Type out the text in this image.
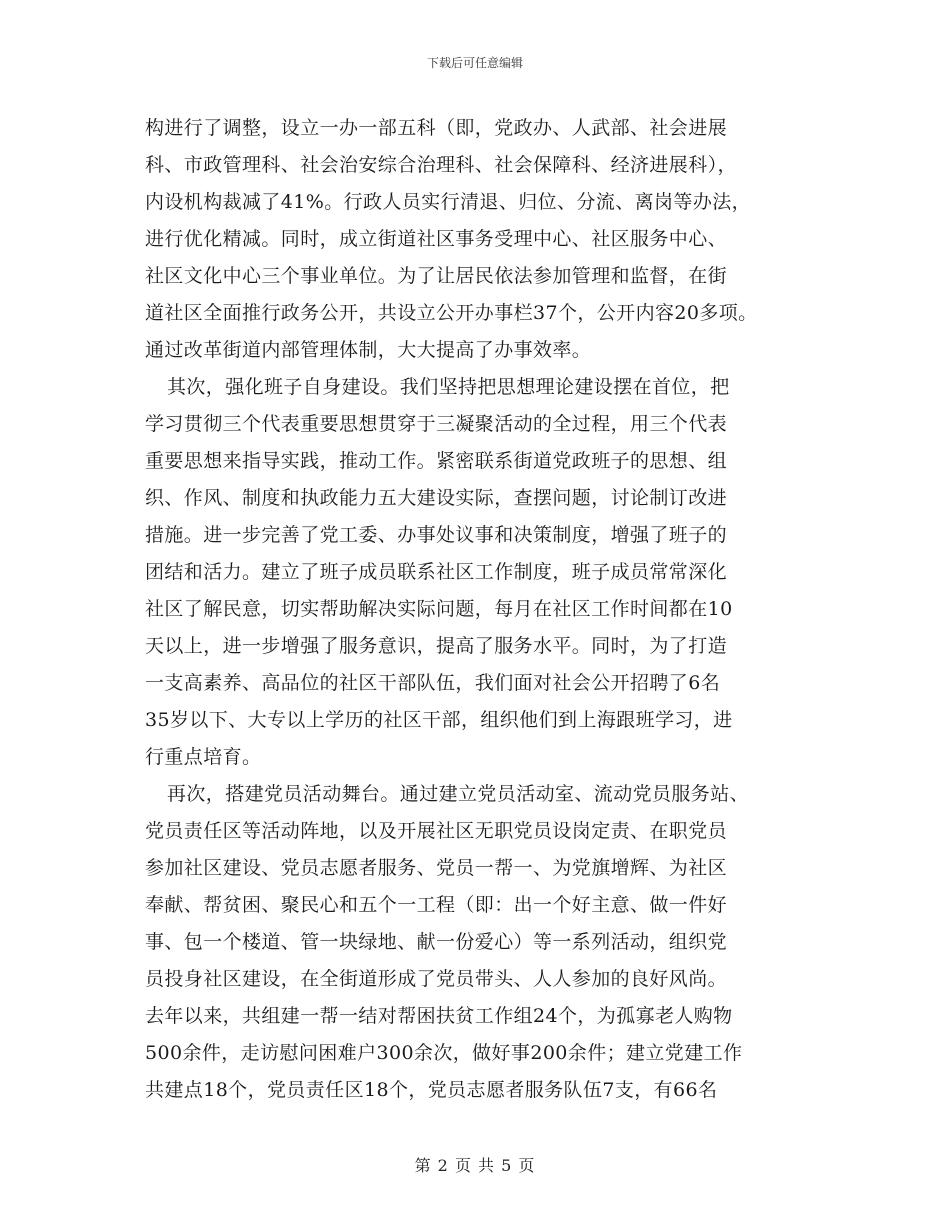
下载后可任意编辑
构进行了调整，设立一办一部五科（即，党政办、人武部、社会进展
科、市政管理科、社会治安综合治理科、社会保障科、经济进展科），
内设机构裁减了41%。行政人员实行清退、归位、分流、离岗等办法，
进行优化精减。同时，成立街道社区事务受理中心、社区服务中心、
社区文化中心三个事业单位。为了让居民依法参加管理和监督，在街
道社区全面推行政务公开，共设立公开办事栏37个，公开内容20多项。
通过改革街道内部管理体制，大大提高了办事效率。
其次，强化班子自身建设。我们坚持把思想理论建设摆在首位，把
学习贯彻三个代表重要思想贯穿于三凝聚活动的全过程，用三个代表
重要思想来指导实践，推动工作。紧密联系街道党政班子的思想、组
织、作风、制度和执政能力五大建设实际，查摆问题，讨论制订改进
措施。进一步完善了党工委、办事处议事和决策制度，增强了班子的
团结和活力。建立了班子成员联系社区工作制度，班子成员常常深化
社区了解民意，切实帮助解决实际问题，每月在社区工作时间都在10
天以上，进一步增强了服务意识，提高了服务水平。同时，为了打造
一支高素养、高品位的社区干部队伍，我们面对社会公开招聘了6名
35岁以下、大专以上学历的社区干部，组织他们到上海跟班学习，进
行重点培育。
再次，搭建党员活动舞台。通过建立党员活动室、流动党员服务站、
党员责任区等活动阵地，以及开展社区无职党员设岗定责、在职党员
参加社区建设、党员志愿者服务、党员一帮一、为党旗增辉、为社区
奉献、帮贫困、聚民心和五个一工程（即：出一个好主意、做一件好
事、包一个楼道、管一块绿地、献一份爱心）等一系列活动，组织党
员投身社区建设，在全街道形成了党员带头、人人参加的良好风尚。
去年以来，共组建一帮一结对帮困扶贫工作组24个，为孤寡老人购物
500余件，走访慰问困难户300余次，做好事200余件；建立党建工作
共建点18个，党员责任区18个，党员志愿者服务队伍7支，有66名
第 2 页 共 5 页
